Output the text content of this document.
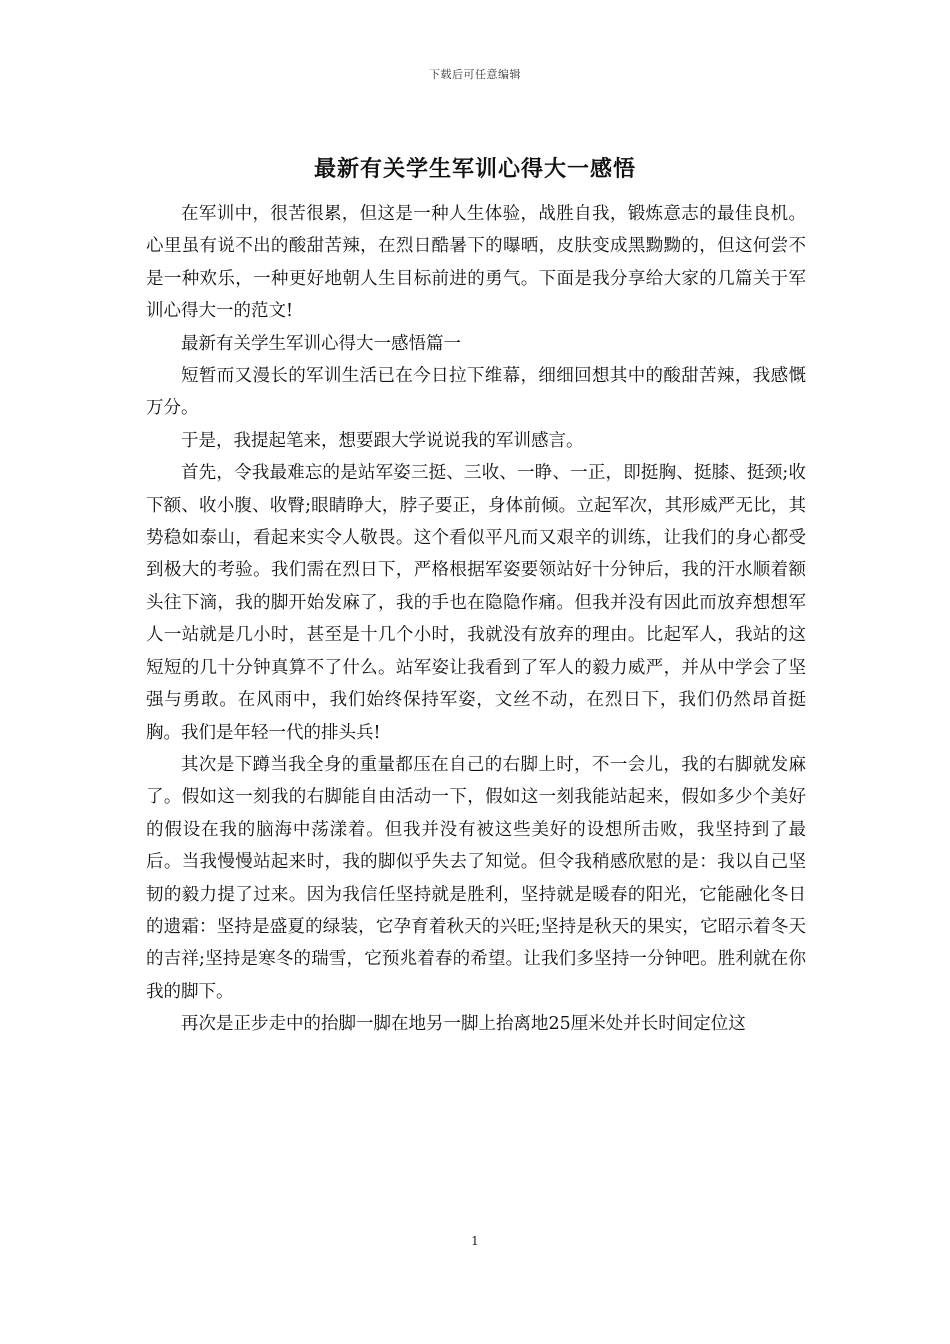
下载后可任意编辑
最新有关学生军训心得大一感悟

在军训中，很苦很累，但这是一种人生体验，战胜自我，锻炼意志的最佳良机。心里虽有说不出的酸甜苦辣，在烈日酷暑下的曝晒，皮肤变成黑黝黝的，但这何尝不是一种欢乐，一种更好地朝人生目标前进的勇气。下面是我分享给大家的几篇关于军训心得大一的范文!

最新有关学生军训心得大一感悟篇一

短暂而又漫长的军训生活已在今日拉下维幕，细细回想其中的酸甜苦辣，我感慨万分。

于是，我提起笔来，想要跟大学说说我的军训感言。

首先，令我最难忘的是站军姿三挺、三收、一睁、一正，即挺胸、挺膝、挺颈;收下额、收小腹、收臀;眼睛睁大，脖子要正，身体前倾。立起军次，其形威严无比，其势稳如泰山，看起来实令人敬畏。这个看似平凡而又艰辛的训练，让我们的身心都受到极大的考验。我们需在烈日下，严格根据军姿要领站好十分钟后，我的汗水顺着额头往下滴，我的脚开始发麻了，我的手也在隐隐作痛。但我并没有因此而放弃想想军人一站就是几小时，甚至是十几个小时，我就没有放弃的理由。比起军人，我站的这短短的几十分钟真算不了什么。站军姿让我看到了军人的毅力威严，并从中学会了坚强与勇敢。在风雨中，我们始终保持军姿，文丝不动，在烈日下，我们仍然昂首挺胸。我们是年轻一代的排头兵!

其次是下蹲当我全身的重量都压在自己的右脚上时，不一会儿，我的右脚就发麻了。假如这一刻我的右脚能自由活动一下，假如这一刻我能站起来，假如多少个美好的假设在我的脑海中荡漾着。但我并没有被这些美好的设想所击败，我坚持到了最后。当我慢慢站起来时，我的脚似乎失去了知觉。但令我稍感欣慰的是：我以自己坚韧的毅力提了过来。因为我信任坚持就是胜利，坚持就是暖春的阳光，它能融化冬日的遗霜：坚持是盛夏的绿装，它孕育着秋天的兴旺;坚持是秋天的果实，它昭示着冬天的吉祥;坚持是寒冬的瑞雪，它预兆着春的希望。让我们多坚持一分钟吧。胜利就在你我的脚下。

再次是正步走中的抬脚一脚在地另一脚上抬离地25厘米处并长时间定位这

1
